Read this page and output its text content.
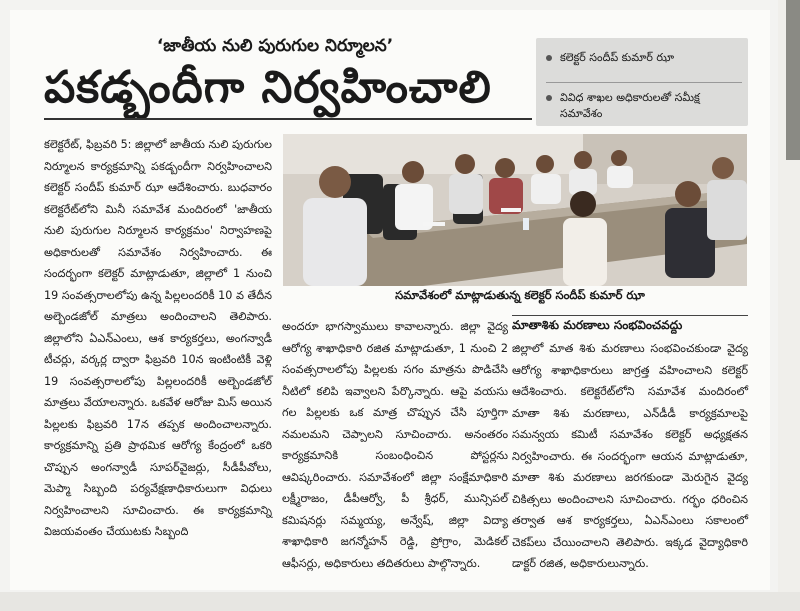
‘జాతీయ నులి పురుగుల నిర్మూలన’
పకడ్బందీగా నిర్వహించాలి
కలెక్టర్ సందీప్ కుమార్ ఝా
వివిధ శాఖల అధికారులతో సమీక్ష సమావేశం
కలెక్టరేట్, ఫిబ్రవరి 5: జిల్లాలో జాతీయ నులి పురుగుల నిర్మూలన కార్యక్రమాన్ని పకడ్బందీగా నిర్వహించాలని కలెక్టర్ సందీప్ కుమార్ ఝా ఆదేశించారు. బుధవారం కలెక్టరేట్‌లోని మినీ సమావేశ మందిరంలో 'జాతీయ నులి పురుగుల నిర్మూలన కార్యక్రమం' నిర్వాహణపై అధికారులతో సమావేశం నిర్వహించారు. ఈ సందర్భంగా కలెక్టర్ మాట్లాడుతూ, జిల్లాలో 1 నుంచి 19 సంవత్సరాలలోపు ఉన్న పిల్లలందరికీ 10 వ తేదీన అల్బెండజోల్ మాత్రలు అందించాలని తెలిపారు. జిల్లాలోని ఏఎన్ఎంలు, ఆశ కార్యకర్తలు, అంగన్వాడీ టీచర్లు, వర్కర్ల ద్వారా ఫిబ్రవరి 10న ఇంటింటికీ వెళ్లి 19 సంవత్సరాలలోపు పిల్లలందరికీ అల్బెండజోల్ మాత్రలు వేయాలన్నారు. ఒకవేళ ఆరోజు మిస్ అయిన పిల్లలకు ఫిబ్రవరి 17న తప్పక అందించాలన్నారు. కార్యక్రమాన్ని ప్రతి ప్రాథమిక ఆరోగ్య కేంద్రంలో ఒకరి చొప్పున అంగన్వాడీ సూపర్‌వైజర్లు, సీడీపీవోలు, మెప్మా సిబ్బంది పర్యవేక్షణాధికారులుగా విధులు నిర్వహించాలని సూచించారు. ఈ కార్యక్రమాన్ని విజయవంతం చేయుటకు సిబ్బంది
సమావేశంలో మాట్లాడుతున్న కలెక్టర్ సందీప్ కుమార్ ఝా
అందరూ భాగస్వాములు కావాలన్నారు. జిల్లా వైద్య ఆరోగ్య శాఖాధికారి రజిత మాట్లాడుతూ, 1 నుంచి 2 సంవత్సరాలలోపు పిల్లలకు సగం మాత్రను పొడిచేసి నీటిలో కలిపి ఇవ్వాలని పేర్కొన్నారు. ఆపై వయసు గల పిల్లలకు ఒక మాత్ర చొప్పున చేసి పూర్తిగా నమలమని చెప్పాలని సూచించారు. అనంతరం కార్యక్రమానికి సంబంధించిన పోస్టర్లను ఆవిష్కరించారు. సమావేశంలో జిల్లా సంక్షేమాధికారి లక్ష్మీరాజం, డీపీఆర్వో, పీ శ్రీధర్, మున్సిపల్ కమిషనర్లు సమ్మయ్య, అన్వేష్, జిల్లా విద్యా శాఖాధికారి జగన్మోహన్ రెడ్డి, ప్రోగ్రాం, మెడికల్ ఆఫీసర్లు, అధికారులు తదితరులు పాల్గొన్నారు.
మాతాశిశు మరణాలు సంభవించవద్దు
జిల్లాలో మాత శిశు మరణాలు సంభవించకుండా వైద్య ఆరోగ్య శాఖాధికారులు జాగ్రత్త వహించాలని కలెక్టర్ ఆదేశించారు. కలెక్టరేట్‌లోని సమావేశ మందిరంలో మాతా శిశు మరణాలు, ఎన్‌డీడీ కార్యక్రమాలపై సమన్వయ కమిటీ సమావేశం కలెక్టర్ అధ్యక్షతన నిర్వహించారు. ఈ సందర్భంగా ఆయన మాట్లాడుతూ, మాతా శిశు మరణాలు జరగకుండా మెరుగైన వైద్య చికిత్సలు అందించాలని సూచించారు. గర్భం ధరించిన తర్వాత ఆశ కార్యకర్తలు, ఏఎన్ఎంలు సకాలంలో చెకప్‌లు చేయించాలని తెలిపారు. ఇక్కడ వైద్యాధికారి డాక్టర్ రజిత, అధికారులున్నారు.
